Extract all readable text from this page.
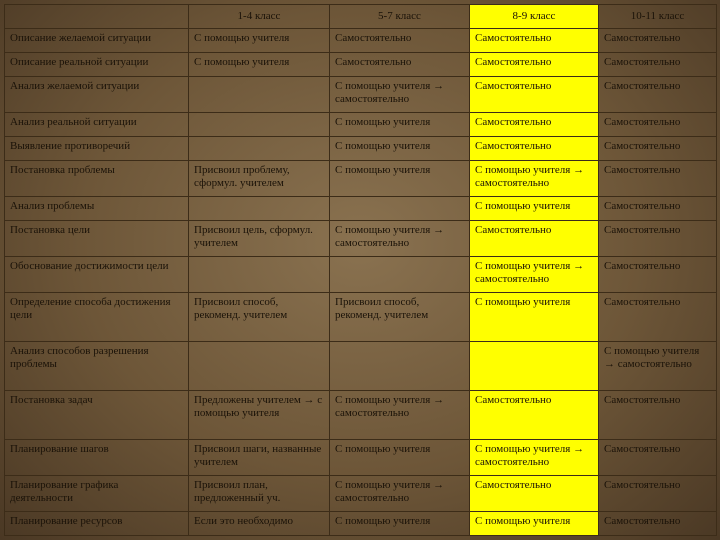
	1-4 класс	5-7 класс	8-9 класс	10-11 класс
Описание желаемой ситуации	С помощью учителя	Самостоятельно	Самостоятельно	Самостоятельно
Описание реальной ситуации	С помощью учителя	Самостоятельно	Самостоятельно	Самостоятельно
Анализ желаемой ситуации		С помощью учителя → самостоятельно	Самостоятельно	Самостоятельно
Анализ реальной ситуации		С помощью учителя	Самостоятельно	Самостоятельно
Выявление противоречий		С помощью учителя	Самостоятельно	Самостоятельно
Постановка проблемы	Присвоил проблему, сформул. учителем	С помощью учителя	С помощью учителя → самостоятельно	Самостоятельно
Анализ проблемы			С помощью учителя	Самостоятельно
Постановка цели	Присвоил цель, сформул. учителем	С помощью учителя → самостоятельно	Самостоятельно	Самостоятельно
Обоснование достижимости цели			С помощью учителя → самостоятельно	Самостоятельно
Определение способа достижения цели	Присвоил способ, рекоменд. учителем	Присвоил способ, рекоменд. учителем	С помощью учителя	Самостоятельно
Анализ способов разрешения проблемы				С помощью учителя → самостоятельно
Постановка задач	Предложены учителем → с помощью учителя	С помощью учителя → самостоятельно	Самостоятельно	Самостоятельно
Планирование шагов	Присвоил шаги, названные учителем	С помощью учителя	С помощью учителя → самостоятельно	Самостоятельно
Планирование графика деятельности	Присвоил план, предложенный уч.	С помощью учителя → самостоятельно	Самостоятельно	Самостоятельно
Планирование ресурсов	Если это необходимо	С помощью учителя	С помощью учителя	Самостоятельно
